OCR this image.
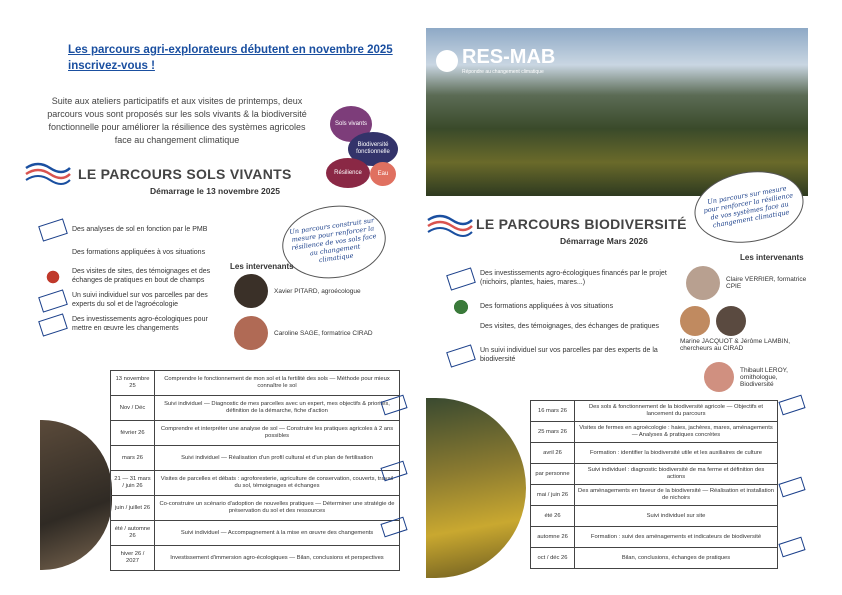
Les parcours agri-explorateurs débutent en novembre 2025 inscrivez-vous !
Suite aux ateliers participatifs et aux visites de printemps, deux parcours vous sont proposés sur les sols vivants & la biodiversité fonctionnelle pour améliorer la résilience des systèmes agricoles face au changement climatique
Sols vivants
Biodiversité fonctionnelle
Résilience	Eau
LE PARCOURS SOLS VIVANTS
Démarrage le 13 novembre 2025
Un parcours construit sur mesure pour renforcer la résilience de vos sols face au changement climatique
Des analyses de sol en fonction par le PMB
Des formations appliquées à vos situations
Des visites de sites, des témoignages et des échanges de pratiques en bout de champs
Un suivi individuel sur vos parcelles par des experts du sol et de l'agroécologie
Des investissements agro-écologiques pour mettre en œuvre les changements
Les intervenants
Xavier PITARD, agroécologue
Caroline SAGE, formatrice CIRAD
13 novembre 25	Comprendre le fonctionnement de mon sol et la fertilité des sols — Méthode pour mieux connaître le sol
Nov / Déc	Suivi individuel — Diagnostic de mes parcelles avec un expert, mes objectifs & priorités, définition de la démarche, fiche d'action
février 26	Comprendre et interpréter une analyse de sol — Construire les pratiques agricoles à 2 ans possibles
mars 26	Suivi individuel — Réalisation d'un profil cultural et d'un plan de fertilisation
21 — 31 mars / juin 26	Visites de parcelles et débats : agroforesterie, agriculture de conservation, couverts, travail du sol, témoignages et échanges
juin / juillet 26	Co-construire un scénario d'adoption de nouvelles pratiques — Déterminer une stratégie de préservation du sol et des ressources
été / automne 26	Suivi individuel — Accompagnement à la mise en œuvre des changements
hiver 26 / 2027	Investissement d'immersion agro-écologiques — Bilan, conclusions et perspectives
RES-MAB
Répondre au changement climatique
Un parcours sur mesure pour renforcer la résilience de vos systèmes face au changement climatique
LE PARCOURS BIODIVERSITÉ
Démarrage Mars 2026
Des investissements agro-écologiques financés par le projet (nichoirs, plantes, haies, mares...)
Des formations appliquées à vos situations
Des visites, des témoignages, des échanges de pratiques
Un suivi individuel sur vos parcelles par des experts de la biodiversité
Les intervenants
Claire VERRIER, formatrice CPIE
Marine JACQUOT & Jérôme LAMBIN, chercheurs au CIRAD
Thibault LEROY, ornithologue, Biodiversité
16 mars 26	Des sols & fonctionnement de la biodiversité agricole — Objectifs et lancement du parcours
25 mars 26	Visites de fermes en agroécologie : haies, jachères, mares, aménagements — Analyses & pratiques concrètes
avril 26	Formation : identifier la biodiversité utile et les auxiliaires de culture
par personne	Suivi individuel : diagnostic biodiversité de ma ferme et définition des actions
mai / juin 26	Des aménagements en faveur de la biodiversité — Réalisation et installation de nichoirs
été 26	Suivi individuel sur site
automne 26	Formation : suivi des aménagements et indicateurs de biodiversité
oct / déc 26	Bilan, conclusions, échanges de pratiques
